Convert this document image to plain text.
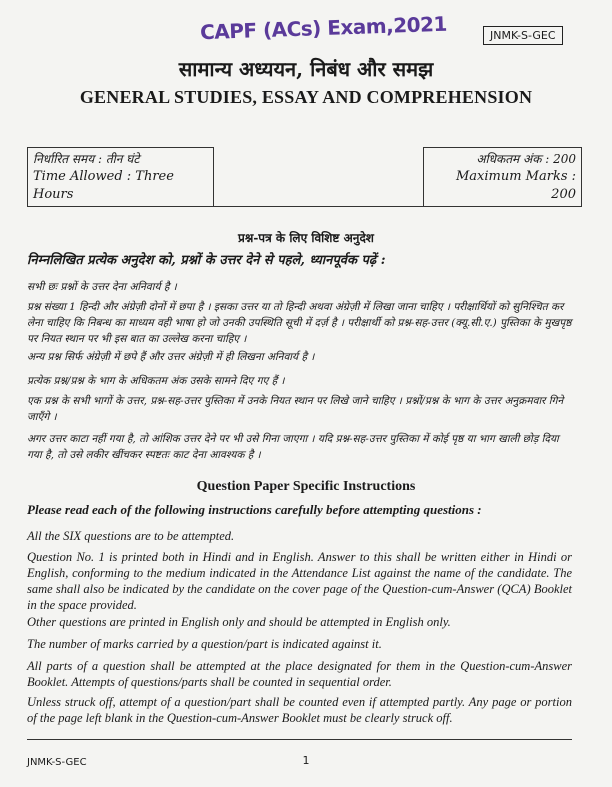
CAPF (ACs) Exam,2021	JNMK-S-GEC
सामान्य अध्ययन, निबंध और समझ
GENERAL STUDIES, ESSAY AND COMPREHENSION
निर्धारित समय : तीन घंटे
Time Allowed : Three Hours
अधिकतम अंक : 200
Maximum Marks : 200
प्रश्न-पत्र के लिए विशिष्ट अनुदेश
निम्नलिखित प्रत्येक अनुदेश को, प्रश्नों के उत्तर देने से पहले, ध्यानपूर्वक पढ़ें :
सभी छः प्रश्नों के उत्तर देना अनिवार्य है ।
प्रश्न संख्या 1 हिन्दी और अंग्रेज़ी दोनों में छपा है । इसका उत्तर या तो हिन्दी अथवा अंग्रेज़ी में लिखा जाना चाहिए । परीक्षार्थियों को सुनिश्चित कर लेना चाहिए कि निबन्ध का माध्यम वही भाषा हो जो उनकी उपस्थिति सूची में दर्ज़ है । परीक्षार्थी को प्रश्न-सह-उत्तर (क्यू.सी.ए.) पुस्तिका के मुखपृष्ठ पर नियत स्थान पर भी इस बात का उल्लेख करना चाहिए ।
अन्य प्रश्न सिर्फ अंग्रेज़ी में छपे हैं और उत्तर अंग्रेज़ी में ही लिखना अनिवार्य है ।
प्रत्येक प्रश्न/प्रश्न के भाग के अधिकतम अंक उसके सामने दिए गए हैं ।
एक प्रश्न के सभी भागों के उत्तर, प्रश्न-सह-उत्तर पुस्तिका में उनके नियत स्थान पर लिखे जाने चाहिए । प्रश्नों/प्रश्न के भाग के उत्तर अनुक्रमवार गिने जाएँगे ।
अगर उत्तर काटा नहीं गया है, तो आंशिक उत्तर देने पर भी उसे गिना जाएगा । यदि प्रश्न-सह-उत्तर पुस्तिका में कोई पृष्ठ या भाग खाली छोड़ दिया गया है, तो उसे लकीर खींचकर स्पष्टतः काट देना आवश्यक है ।
Question Paper Specific Instructions
Please read each of the following instructions carefully before attempting questions :
All the SIX questions are to be attempted.
Question No. 1 is printed both in Hindi and in English. Answer to this shall be written either in Hindi or English, conforming to the medium indicated in the Attendance List against the name of the candidate. The same shall also be indicated by the candidate on the cover page of the Question-cum-Answer (QCA) Booklet in the space provided.
Other questions are printed in English only and should be attempted in English only.
The number of marks carried by a question/part is indicated against it.
All parts of a question shall be attempted at the place designated for them in the Question-cum-Answer Booklet. Attempts of questions/parts shall be counted in sequential order.
Unless struck off, attempt of a question/part shall be counted even if attempted partly. Any page or portion of the page left blank in the Question-cum-Answer Booklet must be clearly struck off.
JNMK-S-GEC	1
